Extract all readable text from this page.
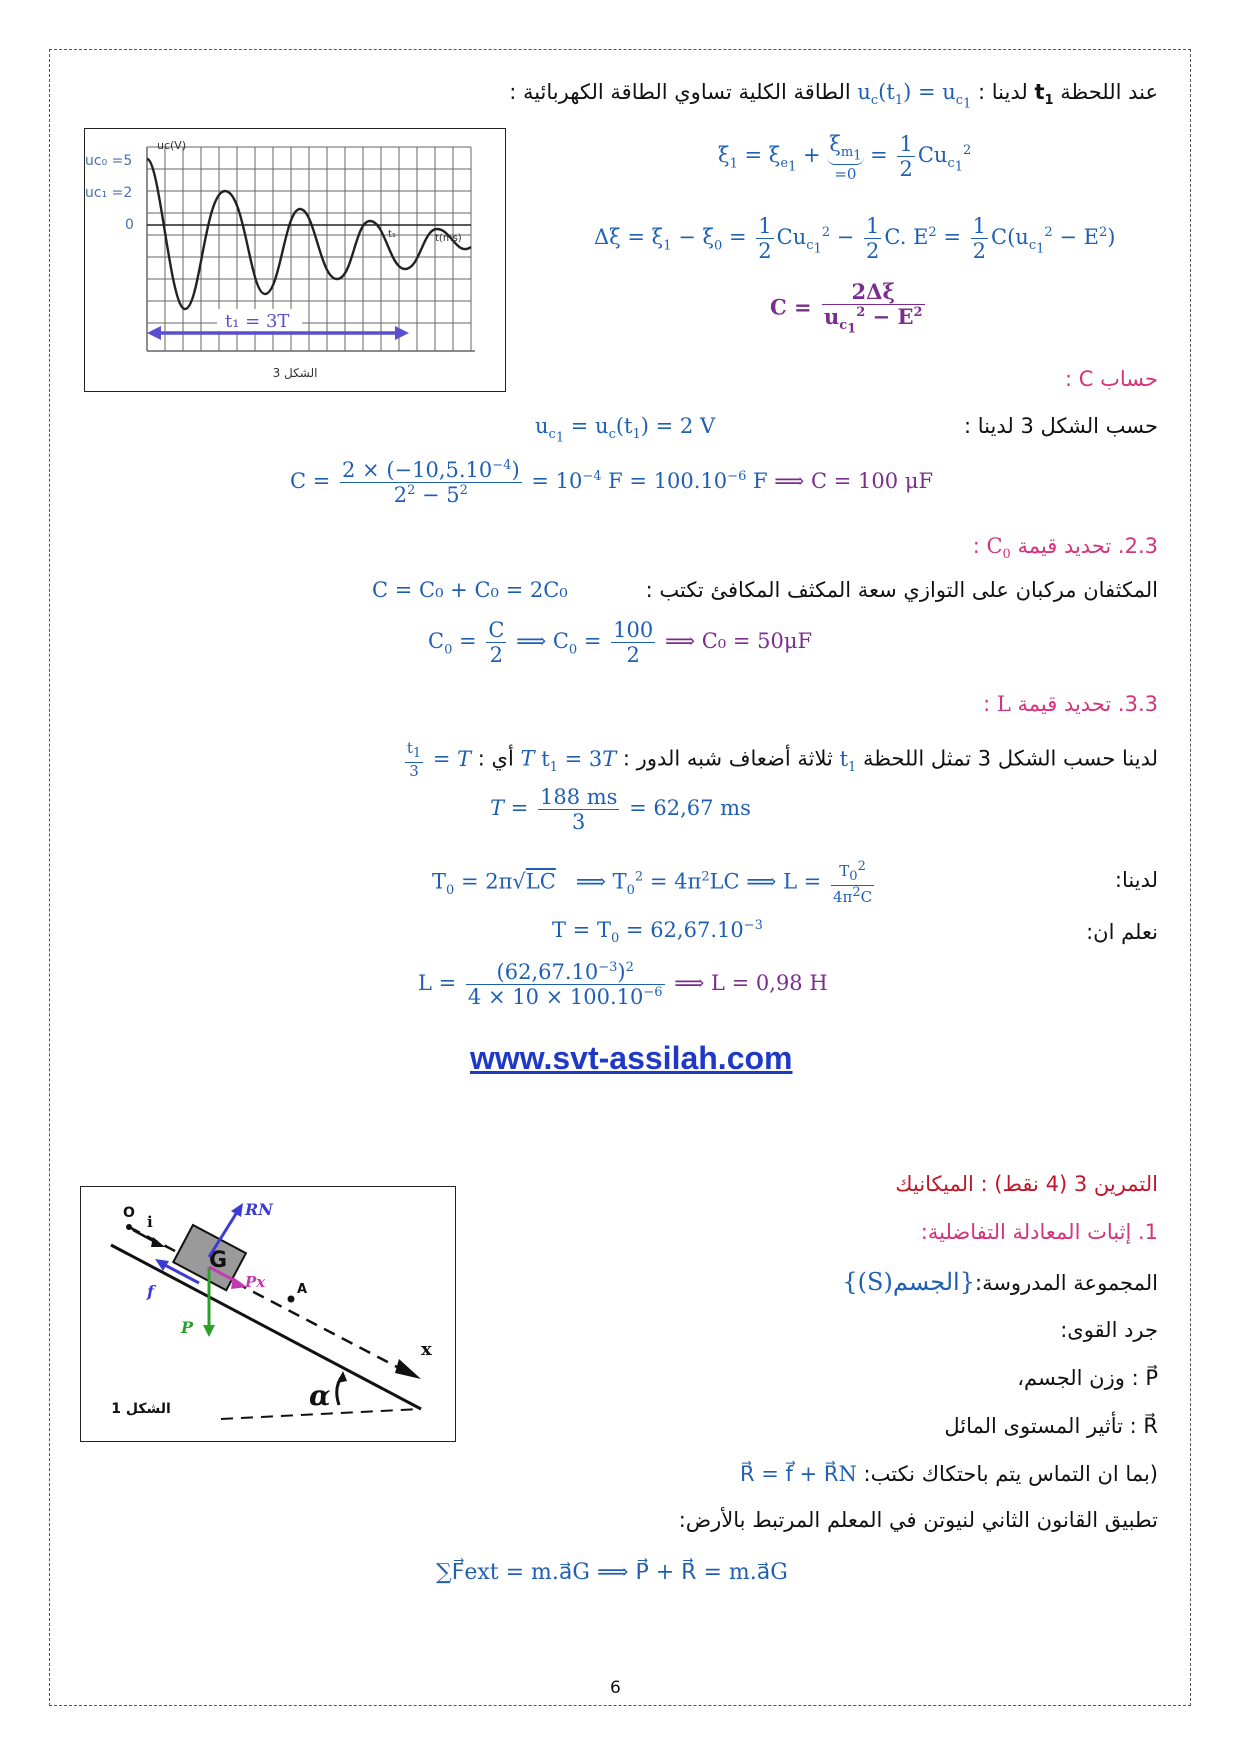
عند اللحظة $t_1$ لدينا : $u_c(t_1) = u_{c_1}$ الطاقة الكلية تساوي الطاقة الكهربائية :
$\xi_1 = \xi_{e_1} + \xi_{m_1}$
=0
= $\frac{1}{2} Cu_{c_1}^2$
$\Delta\xi = \xi_1 - \xi_0 = \frac{1}{2} Cu_{c_1}^2 - \frac{1}{2} C$. $E^2 = \frac{1}{2} C(u_{c_1}^2 - E^2)$
$C = \frac{2\Delta\xi}{u_{c_1}^2 - E^2}$
t₁ = 3T
uc(V)
uc₀ =5
uc₁ =2
0
t(ms)
t₁
الشكل 3	حساب C :
حسب الشكل 3 لدينا :
$u_{c_1} = u_c(t_1) = 2$ V
$C = \frac{2 \times (-10,5.10^{-4})}{2^2 - 5^2} = 10^{-4}$ $F = 100.10^{-6}$ F ⟹ C = 100 μF
2.3. تحديد قيمة $C_0$ :
المكثفان مركبان على التوازي سعة المكثف المكافئ تكتب :
C = C₀ + C₀ = 2C₀
$C_0 = \frac{C}{2}$ ⟹ $C_0 = \frac{100}{2}$ ⟹ C₀ = 50μF
3.3. تحديد قيمة L :
لدينا حسب الشكل 3 تمثل اللحظة $t_1$ ثلاثة أضعاف شبه الدور : T $t_1 = 3T$ أي : T =
$\frac{t_1}{3}$
$T = \frac{188 ms}{3} = 62,67$ ms
لدينا:
$T_0 = 2\pi√LC$   ⟹ $T_0^2 = 4\pi^2LC$ ⟹ $L = \frac{T_0^2}{4\pi^2C}$
نعلم ان:
$T = T_0 = 62,67.10^{-3}$
$L = \frac{(62,67.10^{-3})^2}{4 \times 10 \times 100.10^{-6}}$ ⟹ L = 0,98 H
www.svt-assilah.com
التمرين 3 (4 نقط) : الميكانيك
1. إثبات المعادلة التفاضلية:
المجموعة المدروسة:{الجسم(S)}
جرد القوى:
P⃗ : وزن الجسم،
R⃗ : تأثير المستوى المائل
(بما ان التماس يتم باحتكاك نكتب: R⃗ = f⃗ + R⃗N
تطبيق القانون الثاني لنيوتن في المعلم المرتبط بالأرض:
∑F⃗ext = m.a⃗G ⟹ P⃗ + R⃗ = m.a⃗G
α
x
O i
G
RN
f
P
Px A
الشكل 1
6
